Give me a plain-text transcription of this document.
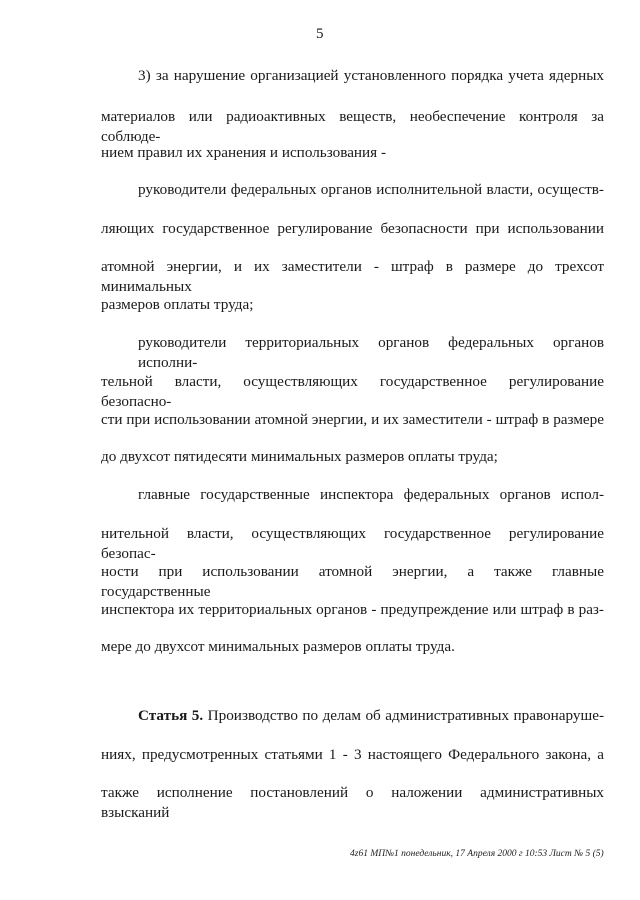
5
3) за нарушение организацией установленного порядка учета ядерных
материалов или радиоактивных веществ, необеспечение контроля за соблюде-
нием правил их хранения и использования -
руководители федеральных органов исполнительной власти, осуществ-
ляющих государственное регулирование безопасности при использовании
атомной энергии, и их заместители - штраф в размере до трехсот минимальных
размеров оплаты труда;
руководители территориальных органов федеральных органов исполни-
тельной власти, осуществляющих государственное регулирование безопасно-
сти при использовании атомной энергии, и их заместители - штраф в размере
до двухсот пятидесяти минимальных размеров оплаты труда;
главные государственные инспектора федеральных органов испол-
нительной власти, осуществляющих государственное регулирование безопас-
ности при использовании атомной энергии, а также главные государственные
инспектора их территориальных органов - предупреждение или штраф в раз-
мере до двухсот минимальных размеров оплаты труда.
Статья 5. Производство по делам об административных правонаруше-
ниях, предусмотренных статьями 1 - 3 настоящего Федерального закона, а
также исполнение постановлений о наложении административных взысканий
4z61 МП№1 понедельник, 17 Апреля 2000 г 10:53 Лист № 5 (5)
